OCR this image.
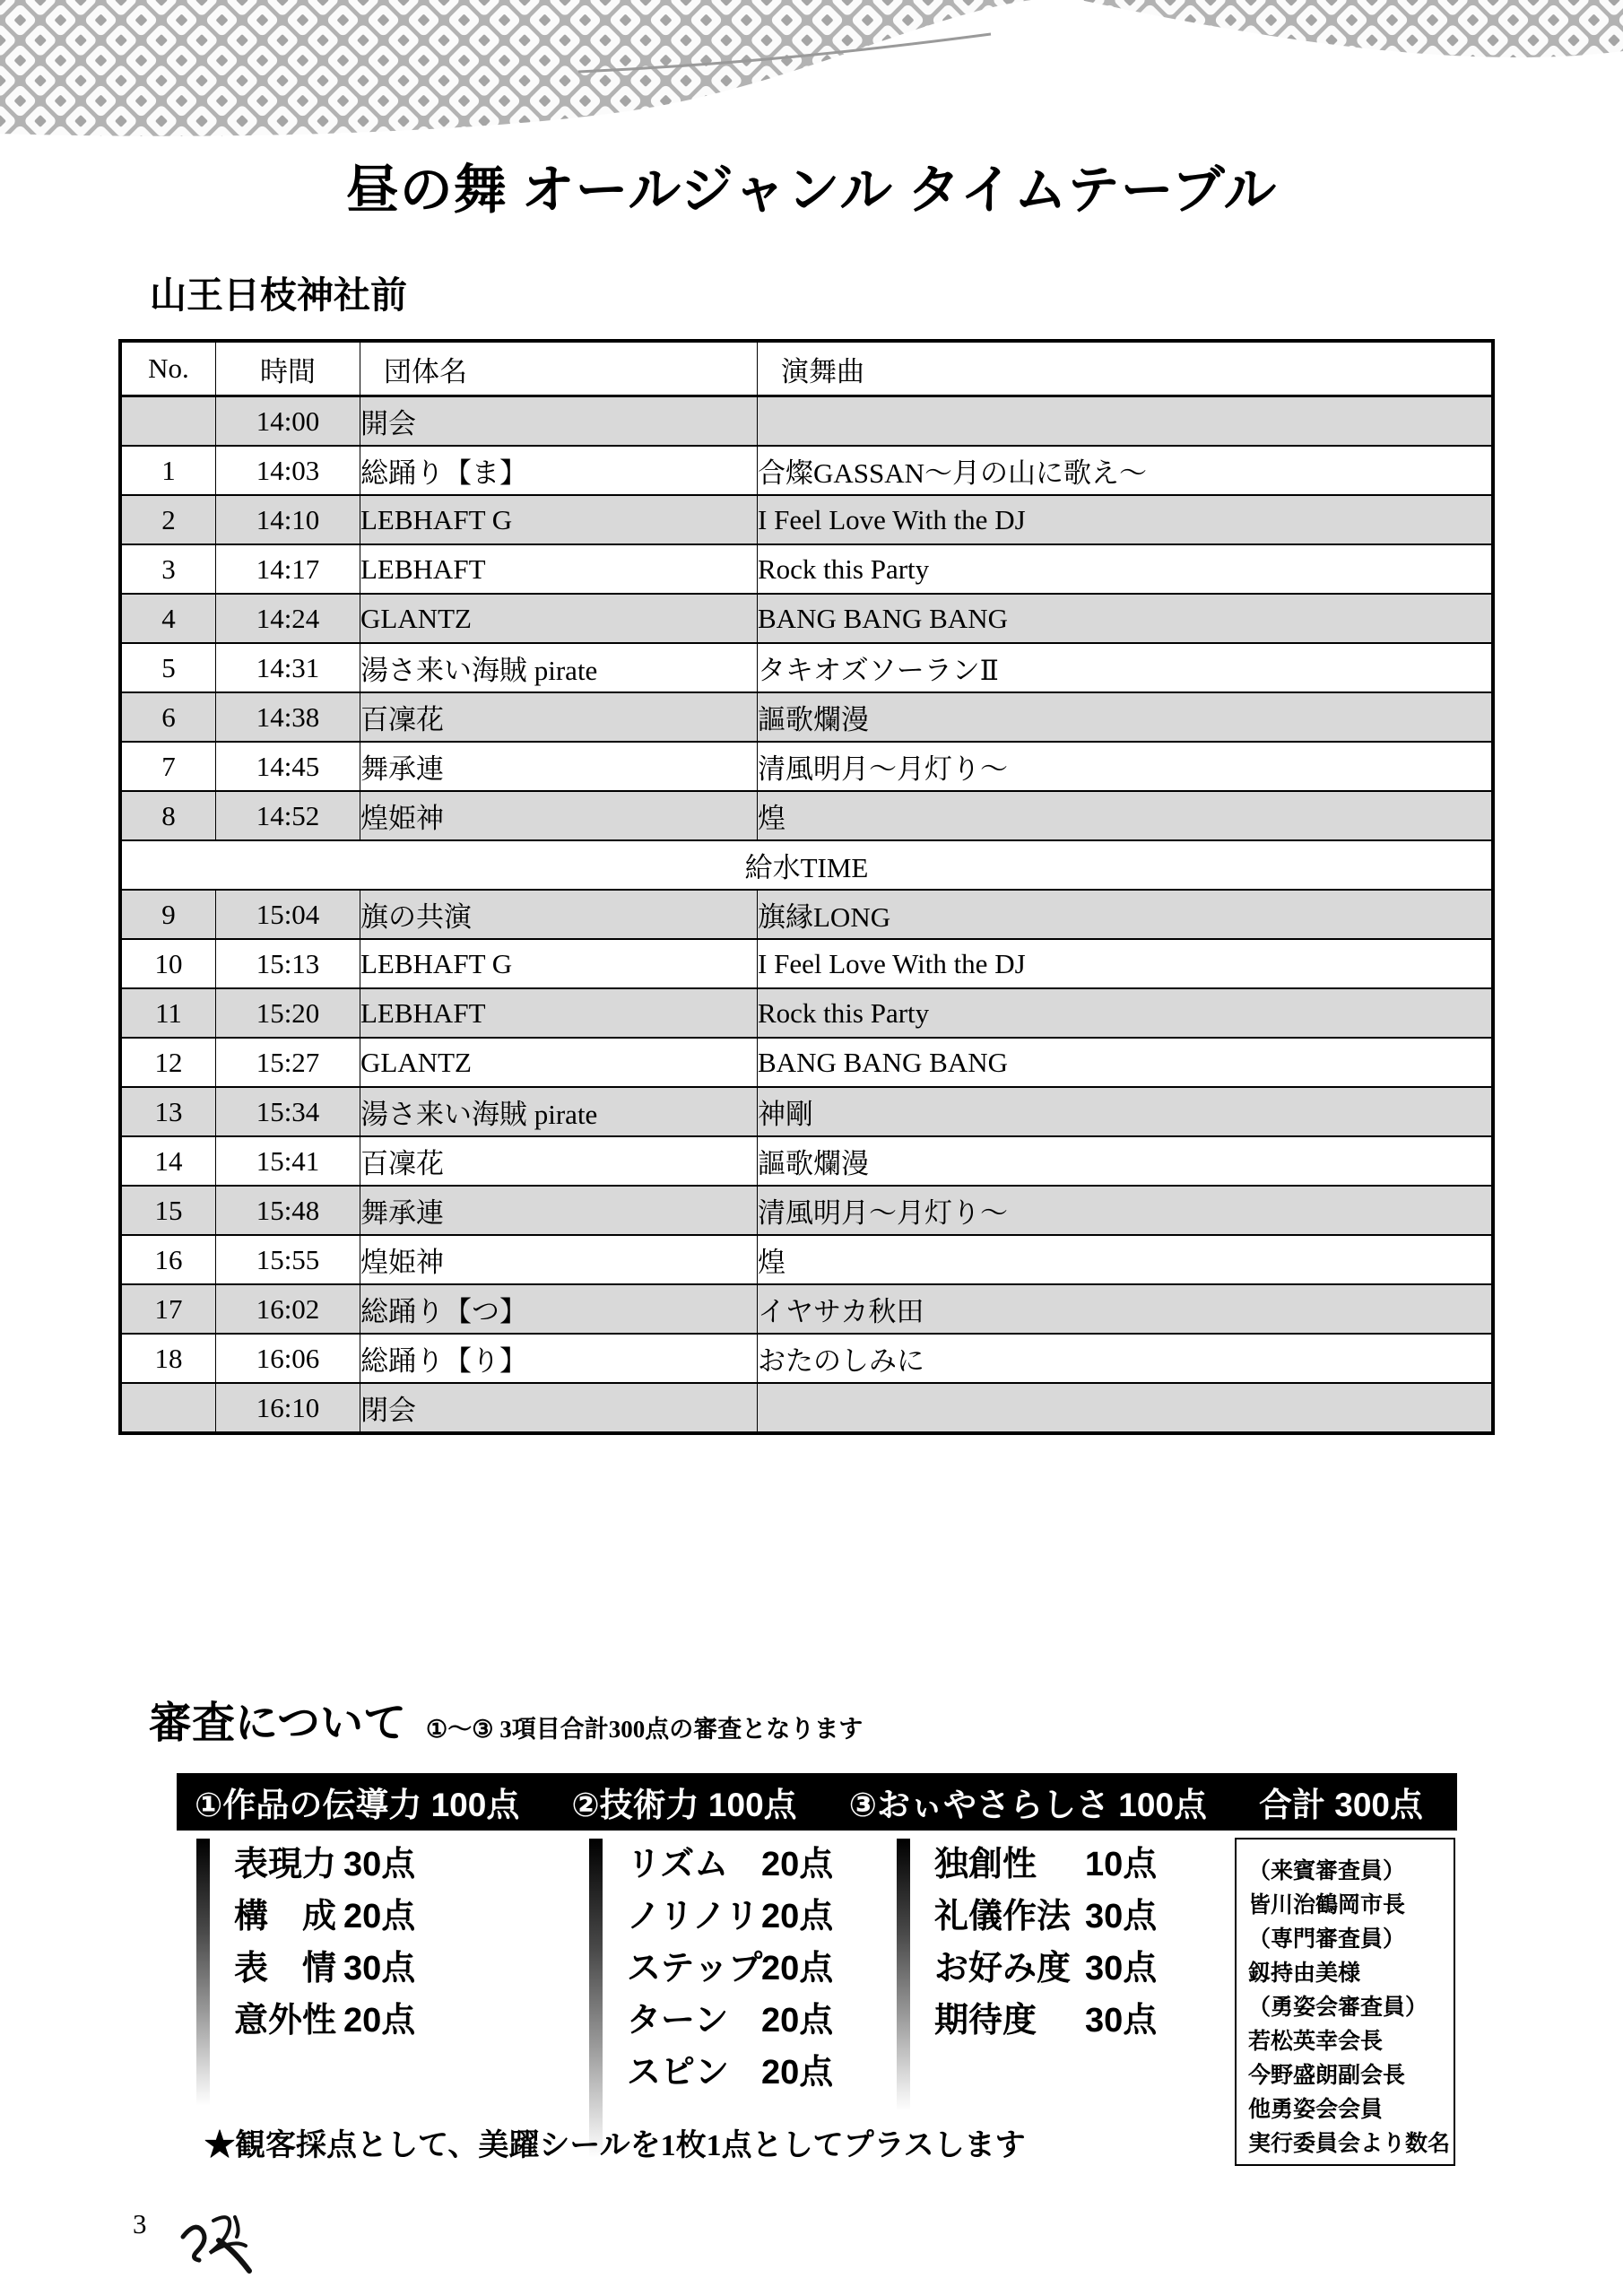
昼の舞 オールジャンル タイムテーブル
山王日枝神社前
No.	時間	団体名	演舞曲
	14:00	開会	
1	14:03	総踊り【ま】	合燦GASSAN～月の山に歌え～
2	14:10	LEBHAFT G	I Feel Love With the DJ
3	14:17	LEBHAFT	Rock this Party
4	14:24	GLANTZ	BANG BANG BANG
5	14:31	湯さ来い海賊 pirate	タキオズソーランⅡ
6	14:38	百凜花	謳歌爛漫
7	14:45	舞承連	清風明月～月灯り～
8	14:52	煌姫神	煌
給水TIME			
9	15:04	旗の共演	旗縁LONG
10	15:13	LEBHAFT G	I Feel Love With the DJ
11	15:20	LEBHAFT	Rock this Party
12	15:27	GLANTZ	BANG BANG BANG
13	15:34	湯さ来い海賊 pirate	神剛
14	15:41	百凜花	謳歌爛漫
15	15:48	舞承連	清風明月～月灯り～
16	15:55	煌姫神	煌
17	16:02	総踊り【つ】	イヤサカ秋田
18	16:06	総踊り【り】	おたのしみに
	16:10	閉会	
審査について ①～③ 3項目合計300点の審査となります
①作品の伝導力 100点 ②技術力 100点 ③おぃやさらしさ 100点 合計 300点
表現力 30点
構　成 20点
表　情 30点
意外性 20点
リズム 20点
ノリノリ 20点
ステップ
20点
ターン 20点
スピン 20点
独創性	10点
礼儀作法 30点
お好み度 30点
期待度	30点
（来賓審査員）
皆川治鶴岡市長
（専門審査員）
釼持由美様
（勇姿会審査員）
若松英幸会長
今野盛朗副会長
他勇姿会会員
実行委員会より数名
★観客採点として、美躍シールを1枚1点としてプラスします
3
